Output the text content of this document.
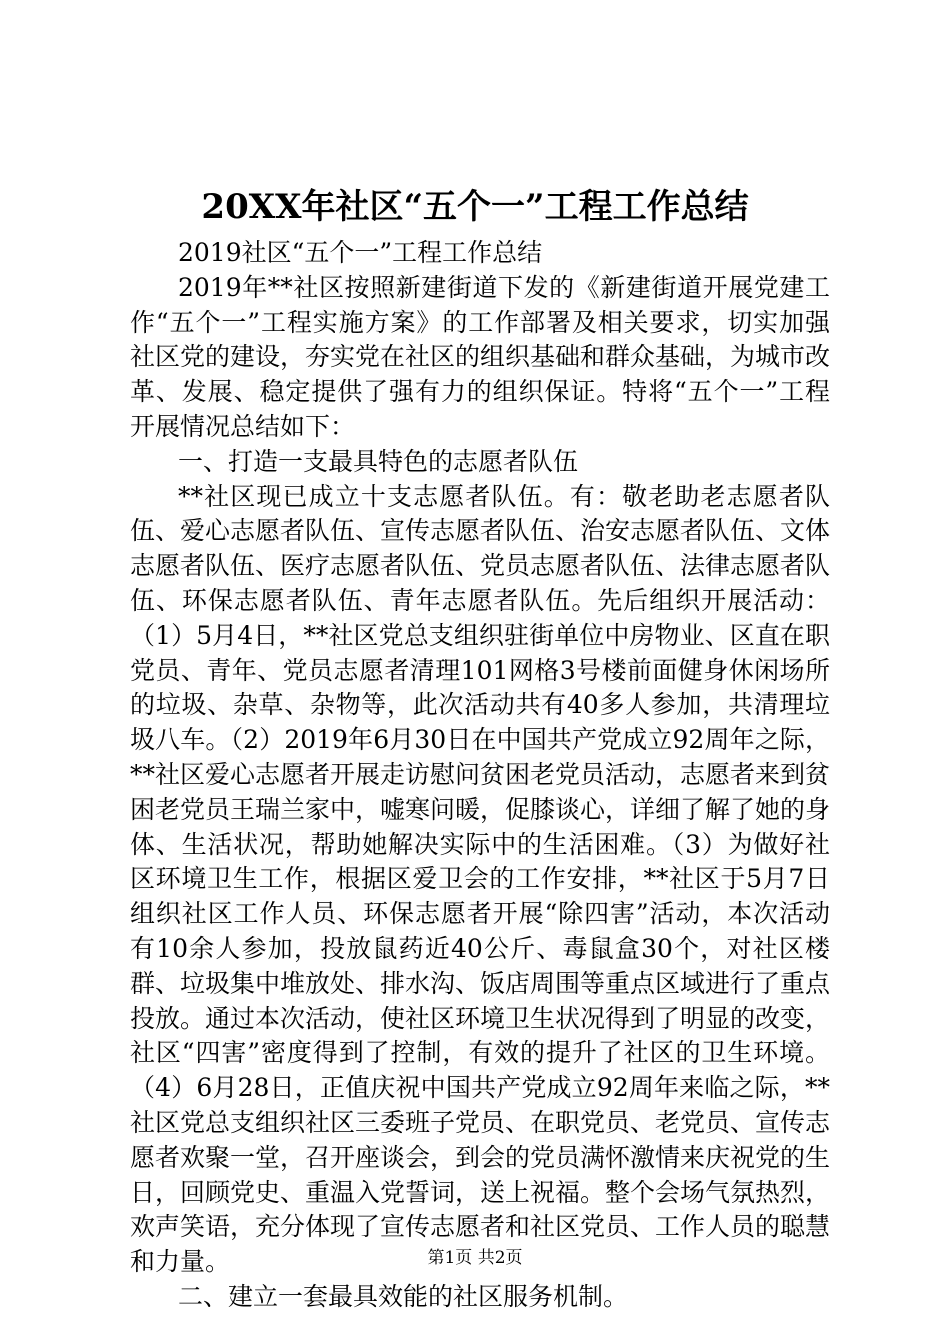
20XX年社区“五个一”工程工作总结

2019社区“五个一”工程工作总结

2019年**社区按照新建街道下发的《新建街道开展党建工作“五个一”工程实施方案》的工作部署及相关要求，切实加强社区党的建设，夯实党在社区的组织基础和群众基础，为城市改革、发展、稳定提供了强有力的组织保证。特将“五个一”工程开展情况总结如下：

一、打造一支最具特色的志愿者队伍

**社区现已成立十支志愿者队伍。有：敬老助老志愿者队伍、爱心志愿者队伍、宣传志愿者队伍、治安志愿者队伍、文体志愿者队伍、医疗志愿者队伍、党员志愿者队伍、法律志愿者队伍、环保志愿者队伍、青年志愿者队伍。先后组织开展活动：（1）5月4日，**社区党总支组织驻街单位中房物业、区直在职党员、青年、党员志愿者清理101网格3号楼前面健身休闲场所的垃圾、杂草、杂物等，此次活动共有40多人参加，共清理垃圾八车。（2）2019年6月30日在中国共产党成立92周年之际，**社区爱心志愿者开展走访慰问贫困老党员活动，志愿者来到贫困老党员王瑞兰家中，嘘寒问暖，促膝谈心，详细了解了她的身体、生活状况，帮助她解决实际中的生活困难。（3）为做好社区环境卫生工作，根据区爱卫会的工作安排，**社区于5月7日组织社区工作人员、环保志愿者开展“除四害”活动，本次活动有10余人参加，投放鼠药近40公斤、毒鼠盒30个，对社区楼群、垃圾集中堆放处、排水沟、饭店周围等重点区域进行了重点投放。通过本次活动，使社区环境卫生状况得到了明显的改变，社区“四害”密度得到了控制，有效的提升了社区的卫生环境。（4）6月28日，正值庆祝中国共产党成立92周年来临之际，**社区党总支组织社区三委班子党员、在职党员、老党员、宣传志愿者欢聚一堂，召开座谈会，到会的党员满怀激情来庆祝党的生日，回顾党史、重温入党誓词，送上祝福。整个会场气氛热烈，欢声笑语，充分体现了宣传志愿者和社区党员、工作人员的聪慧和力量。

二、建立一套最具效能的社区服务机制。

第1页 共2页
